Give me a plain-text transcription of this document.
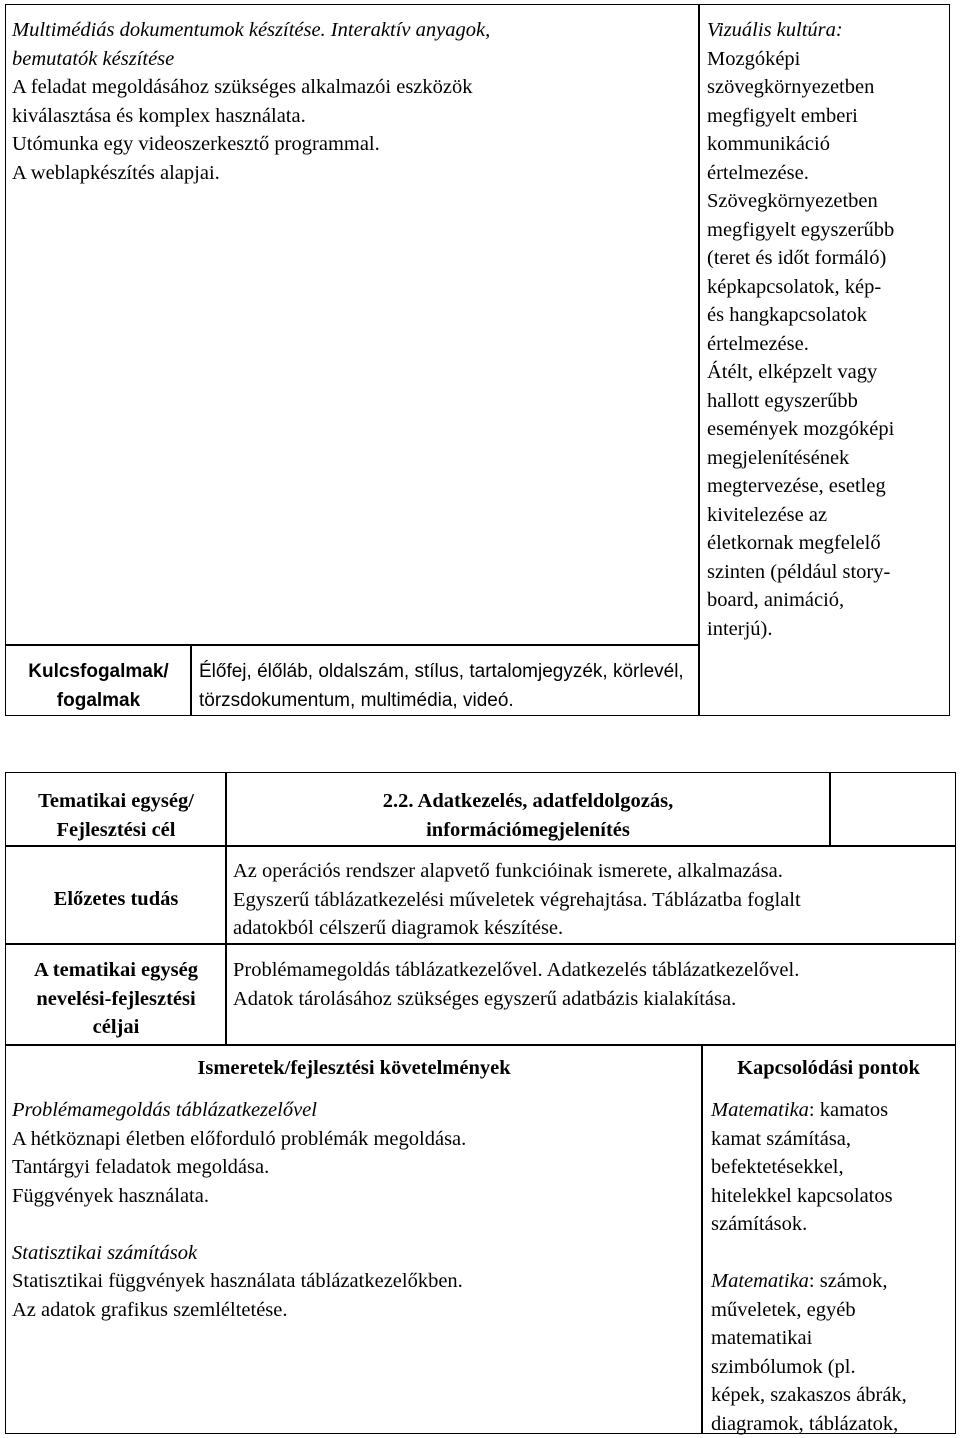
Multimédiás dokumentumok készítése. Interaktív anyagok,
bemutatók készítése
A feladat megoldásához szükséges alkalmazói eszközök
kiválasztása és komplex használata.
Utómunka egy videoszerkesztő programmal.
A weblapkészítés alapjai.
Vizuális kultúra:
Mozgóképi
szövegkörnyezetben
megfigyelt emberi
kommunikáció
értelmezése.
Szövegkörnyezetben
megfigyelt egyszerűbb
(teret és időt formáló)
képkapcsolatok, kép-
és hangkapcsolatok
értelmezése.
Átélt, elképzelt vagy
hallott egyszerűbb
események mozgóképi
megjelenítésének
megtervezése, esetleg
kivitelezése az
életkornak megfelelő
szinten (például story-
board, animáció,
interjú).
Kulcsfogalmak/
fogalmak
Élőfej, élőláb, oldalszám, stílus, tartalomjegyzék, körlevél,
törzsdokumentum, multimédia, videó.
Tematikai egység/
Fejlesztési cél
2.2. Adatkezelés, adatfeldolgozás,
információmegjelenítés
Előzetes tudás
Az operációs rendszer alapvető funkcióinak ismerete, alkalmazása.
Egyszerű táblázatkezelési műveletek végrehajtása. Táblázatba foglalt
adatokból célszerű diagramok készítése.
A tematikai egység
nevelési-fejlesztési
céljai
Problémamegoldás táblázatkezelővel. Adatkezelés táblázatkezelővel.
Adatok tárolásához szükséges egyszerű adatbázis kialakítása.
Ismeretek/fejlesztési követelmények	Kapcsolódási pontok
Problémamegoldás táblázatkezelővel
A hétköznapi életben előforduló problémák megoldása.
Tantárgyi feladatok megoldása.
Függvények használata.
Statisztikai számítások
Statisztikai függvények használata táblázatkezelőkben.
Az adatok grafikus szemléltetése.
Matematika: kamatos
kamat számítása,
befektetésekkel,
hitelekkel kapcsolatos
számítások.
Matematika: számok,
műveletek, egyéb
matematikai
szimbólumok (pl.
képek, szakaszos ábrák,
diagramok, táblázatok,
